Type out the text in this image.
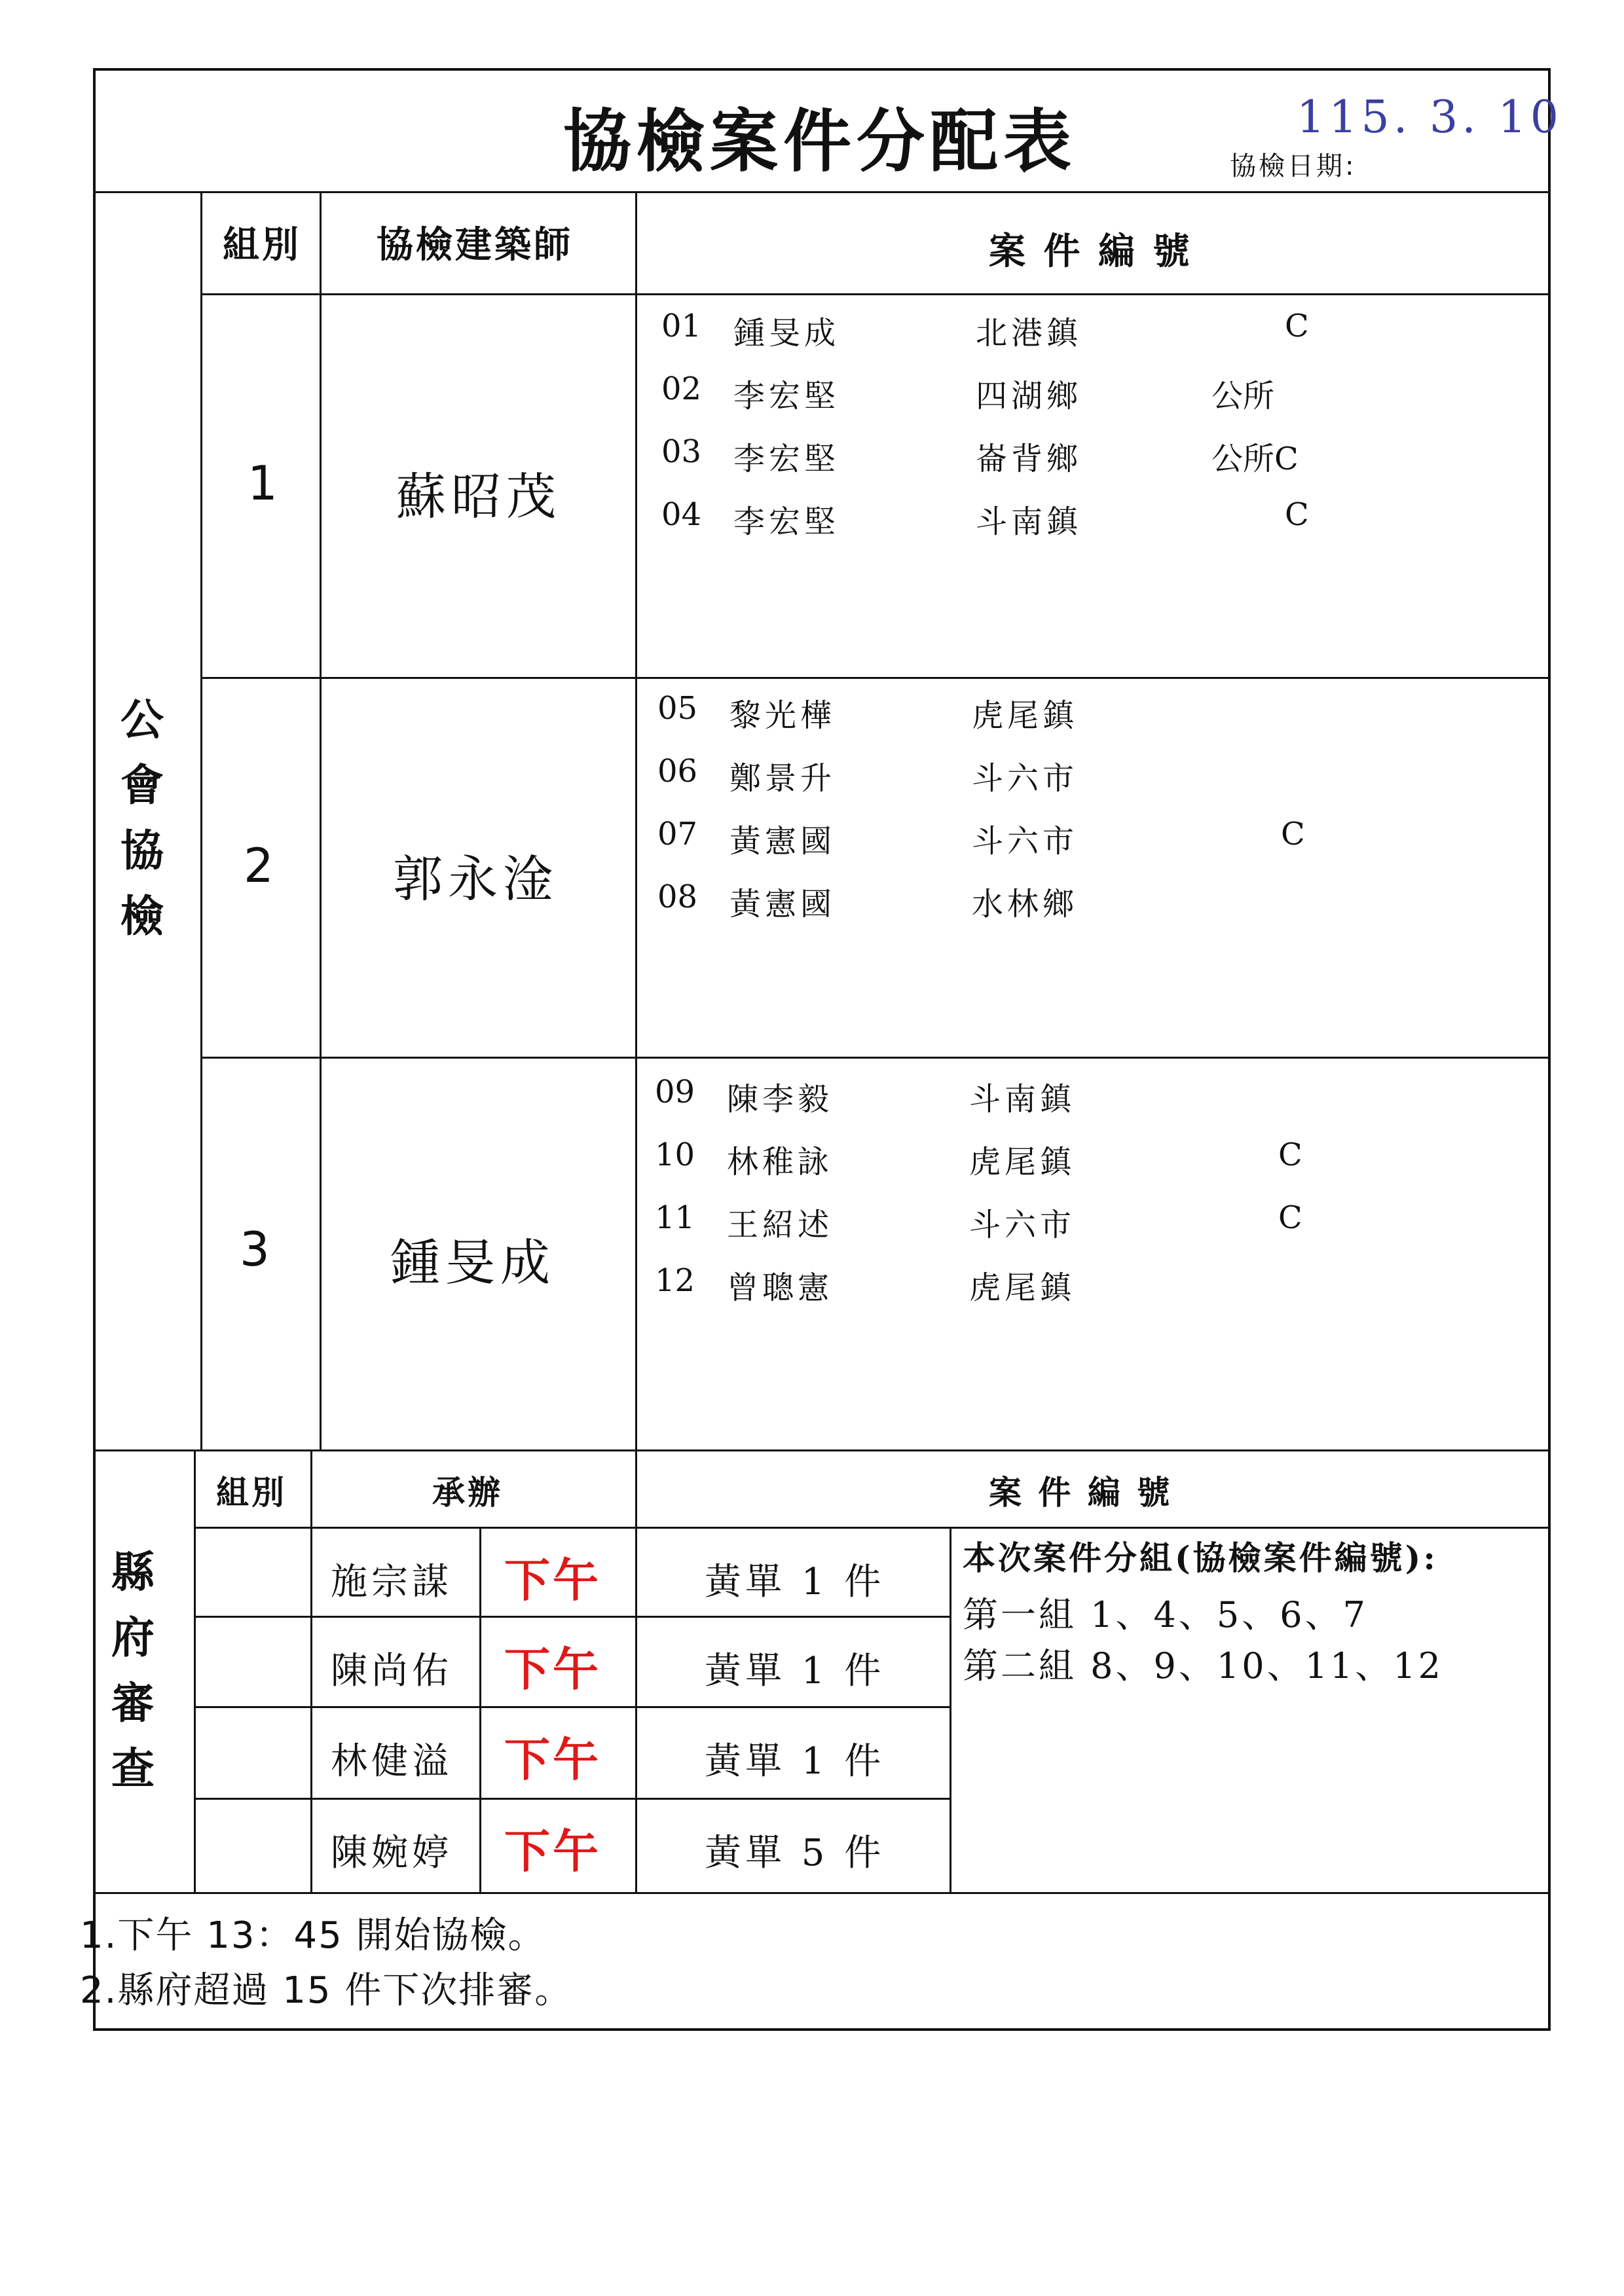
協檢案件分配表	115. 3. 10
協檢日期:
組別 協檢建築師	案 件 編 號
公
會
協
檢
1 蘇昭茂
01 鍾旻成	北港鎮	C
02 李宏堅	四湖鄉	公所
03 李宏堅	崙背鄉	公所C
04 李宏堅	斗南鎮	C
2 郭永淦
05 黎光樺	虎尾鎮
06 鄭景升	斗六市
07 黃憲國	斗六市	C
08 黃憲國	水林鄉
3 鍾旻成
09 陳李毅	斗南鎮
10 林稚詠	虎尾鎮	C
11 王紹述	斗六市	C
12 曾聰憲	虎尾鎮
縣
府
審
查
組別	承辦	案 件 編 號
施宗謀 下午	黃單 1 件
陳尚佑 下午	黃單 1 件
林健溢 下午	黃單 1 件
陳婉婷 下午	黃單 5 件
本次案件分組(協檢案件編號):
第一組 1、4、5、6、7
第二組 8、9、10、11、12
1.下午 13：45 開始協檢。
2.縣府超過 15 件下次排審。
